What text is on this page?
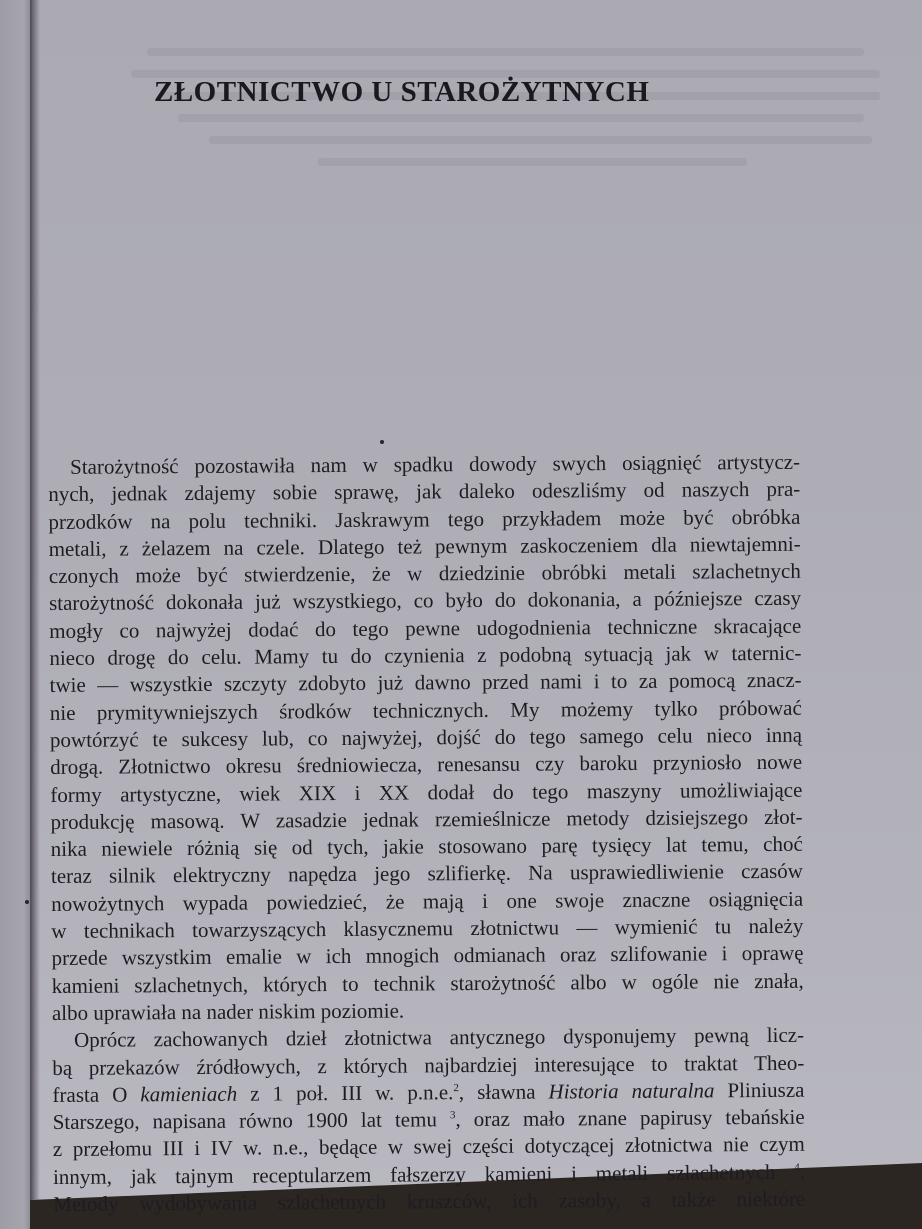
ZŁOTNICTWO U STAROŻYTNYCH
Starożytność pozostawiła nam w spadku dowody swych osiągnięć artystycz-
nych, jednak zdajemy sobie sprawę, jak daleko odeszliśmy od naszych pra-
przodków na polu techniki. Jaskrawym tego przykładem może być obróbka
metali, z żelazem na czele. Dlatego też pewnym zaskoczeniem dla niewtajemni-
czonych może być stwierdzenie, że w dziedzinie obróbki metali szlachetnych
starożytność dokonała już wszystkiego, co było do dokonania, a późniejsze czasy
mogły co najwyżej dodać do tego pewne udogodnienia techniczne skracające
nieco drogę do celu. Mamy tu do czynienia z podobną sytuacją jak w taternic-
twie — wszystkie szczyty zdobyto już dawno przed nami i to za pomocą znacz-
nie prymitywniejszych środków technicznych. My możemy tylko próbować
powtórzyć te sukcesy lub, co najwyżej, dojść do tego samego celu nieco inną
drogą. Złotnictwo okresu średniowiecza, renesansu czy baroku przyniosło nowe
formy artystyczne, wiek XIX i XX dodał do tego maszyny umożliwiające
produkcję masową. W zasadzie jednak rzemieślnicze metody dzisiejszego złot-
nika niewiele różnią się od tych, jakie stosowano parę tysięcy lat temu, choć
teraz silnik elektryczny napędza jego szlifierkę. Na usprawiedliwienie czasów
nowożytnych wypada powiedzieć, że mają i one swoje znaczne osiągnięcia
w technikach towarzyszących klasycznemu złotnictwu — wymienić tu należy
przede wszystkim emalie w ich mnogich odmianach oraz szlifowanie i oprawę
kamieni szlachetnych, których to technik starożytność albo w ogóle nie znała,
albo uprawiała na nader niskim poziomie.
Oprócz zachowanych dzieł złotnictwa antycznego dysponujemy pewną licz-
bą przekazów źródłowych, z których najbardziej interesujące to traktat Theo-
frasta O kamieniach z 1 poł. III w. p.n.e.$^2$, sławna Historia naturalna Pliniusza
Starszego, napisana równo 1900 lat temu $^3$, oraz mało znane papirusy tebańskie
z przełomu III i IV w. n.e., będące w swej części dotyczącej złotnictwa nie czym
innym, jak tajnym receptularzem fałszerzy kamieni i metali szlachetnych $^4$.
Metody wydobywania szlachetnych kruszców, ich zasoby, a także niektóre
